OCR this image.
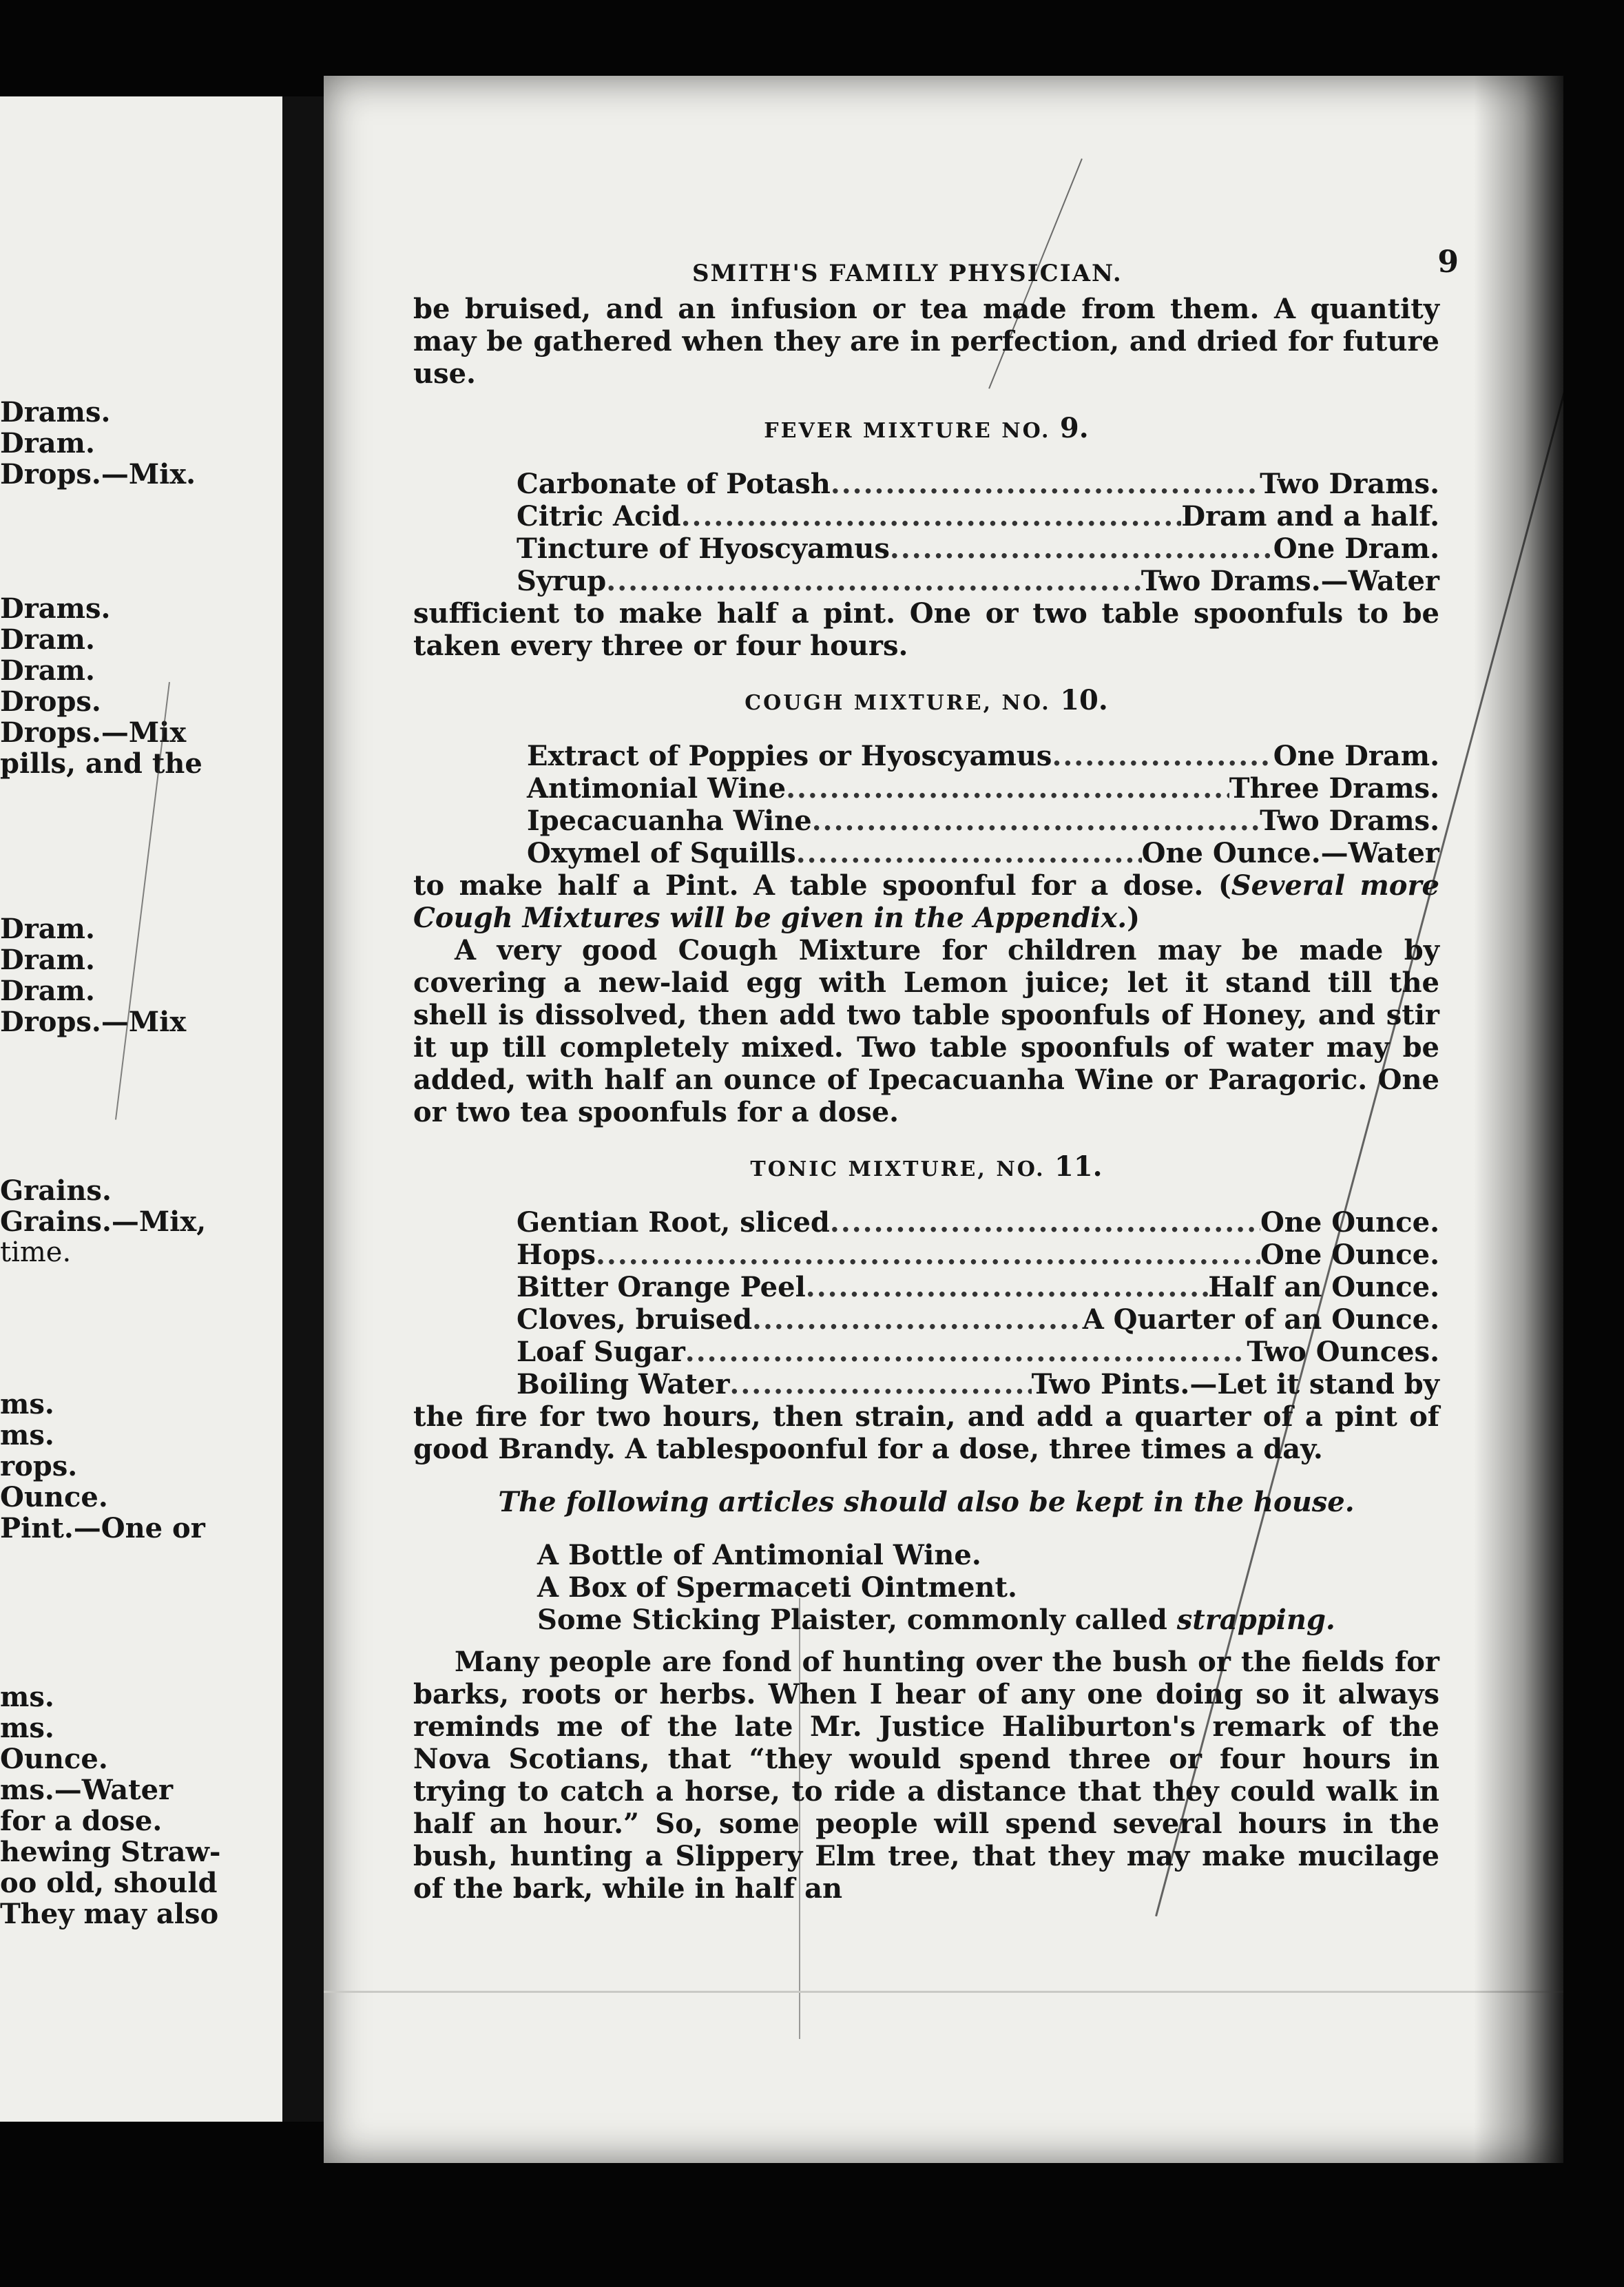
Drams.
Dram.
Drops.—Mix.
Drams.
Dram.
Dram.
Drops.
Drops.—Mix
pills, and the
Dram.
Dram.
Dram.
Drops.—Mix
Grains.
Grains.—Mix,
time.
ms.
ms.
rops.
Ounce.
Pint.—One or
ms.
ms.
Ounce.
ms.—Water
for a dose.
hewing Straw-
oo old, should
They may also
SMITH'S FAMILY PHYSICIAN.	9

be bruised, and an infusion or tea made from them. A quantity may be gathered when they are in perfection, and dried for future use.

FEVER MIXTURE NO. 9.
Carbonate of Potash .....	Two Drams.
Citric Acid .....	Dram and a half.
Tincture of Hyoscyamus .....	One Dram.
Syrup .....	Two Drams.—Water

sufficient to make half a pint. One or two table spoonfuls to be taken every three or four hours.

COUGH MIXTURE, NO. 10.
Extract of Poppies or Hyoscyamus .....	One Dram.
Antimonial Wine .....	Three Drams.
Ipecacuanha Wine .....	Two Drams.
Oxymel of Squills .....	One Ounce.—Water

to make half a Pint. A table spoonful for a dose. (Several more Cough Mixtures will be given in the Appendix.)

A very good Cough Mixture for children may be made by covering a new-laid egg with Lemon juice; let it stand till the shell is dissolved, then add two table spoonfuls of Honey, and stir it up till completely mixed. Two table spoonfuls of water may be added, with half an ounce of Ipecacuanha Wine or Paragoric. One or two tea spoonfuls for a dose.

TONIC MIXTURE, NO. 11.
Gentian Root, sliced .....	One Ounce.
Hops .....	One Ounce.
Bitter Orange Peel .....	Half an Ounce.
Cloves, bruised .....	A Quarter of an Ounce.
Loaf Sugar .....	Two Ounces.
Boiling Water .....	Two Pints.—Let it stand by

the fire for two hours, then strain, and add a quarter of a pint of good Brandy. A tablespoonful for a dose, three times a day.

The following articles should also be kept in the house.
A Bottle of Antimonial Wine.
A Box of Spermaceti Ointment.
Some Sticking Plaister, commonly called strapping.

Many people are fond of hunting over the bush or the fields for barks, roots or herbs. When I hear of any one doing so it always reminds me of the late Mr. Justice Haliburton's remark of the Nova Scotians, that “they would spend three or four hours in trying to catch a horse, to ride a distance that they could walk in half an hour.” So, some people will spend several hours in the bush, hunting a Slippery Elm tree, that they may make mucilage of the bark, while in half an
